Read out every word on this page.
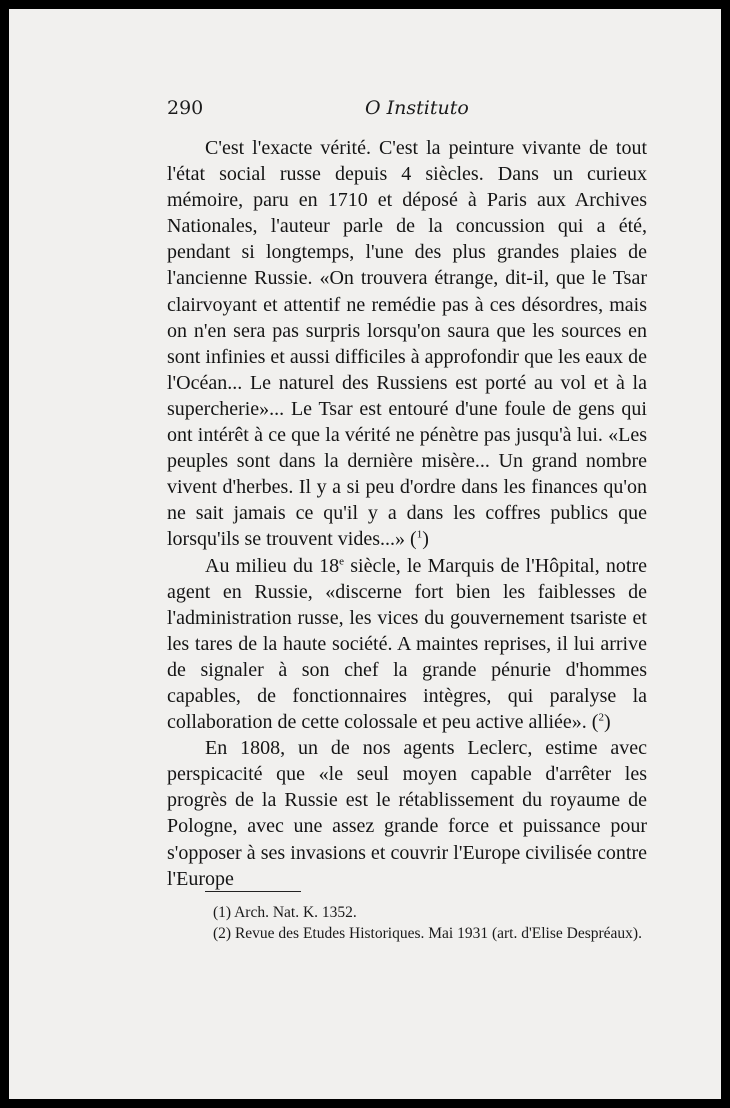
290	O Instituto

C'est l'exacte vérité. C'est la peinture vivante de tout l'état social russe depuis 4 siècles. Dans un curieux mémoire, paru en 1710 et déposé à Paris aux Archives Nationales, l'auteur parle de la concussion qui a été, pendant si longtemps, l'une des plus grandes plaies de l'ancienne Russie. «On trouvera étrange, dit-il, que le Tsar clairvoyant et attentif ne remédie pas à ces désordres, mais on n'en sera pas surpris lorsqu'on saura que les sources en sont infinies et aussi difficiles à approfondir que les eaux de l'Océan... Le naturel des Russiens est porté au vol et à la supercherie»... Le Tsar est entouré d'une foule de gens qui ont intérêt à ce que la vérité ne pénètre pas jusqu'à lui. «Les peuples sont dans la dernière misère... Un grand nombre vivent d'herbes. Il y a si peu d'ordre dans les finances qu'on ne sait jamais ce qu'il y a dans les coffres publics que lorsqu'ils se trouvent vides...» ($^1$)

Au milieu du 18e siècle, le Marquis de l'Hôpital, notre agent en Russie, «discerne fort bien les faiblesses de l'administration russe, les vices du gouvernement tsariste et les tares de la haute société. A maintes reprises, il lui arrive de signaler à son chef la grande pénurie d'hommes capables, de fonctionnaires intègres, qui paralyse la collaboration de cette colossale et peu active alliée». ($^2$)

En 1808, un de nos agents Leclerc, estime avec perspicacité que «le seul moyen capable d'arrêter les progrès de la Russie est le rétablissement du royaume de Pologne, avec une assez grande force et puissance pour s'opposer à ses invasions et couvrir l'Europe civilisée contre l'Europe

(1) Arch. Nat. K. 1352.

(2) Revue des Etudes Historiques. Mai 1931 (art. d'Elise Despréaux).
